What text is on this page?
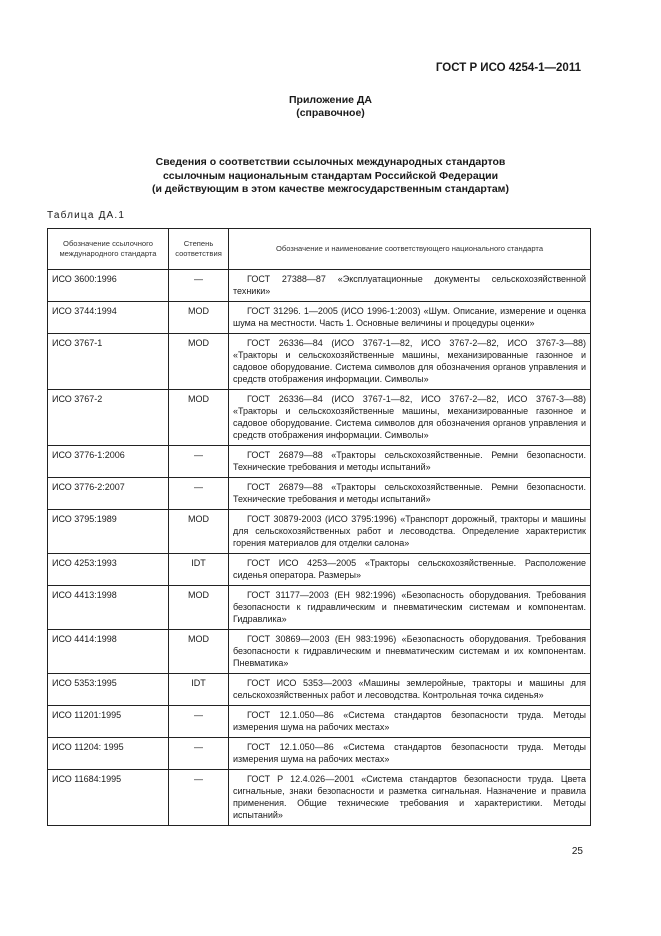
ГОСТ Р ИСО 4254-1—2011
Приложение ДА
(справочное)
Сведения о соответствии ссылочных международных стандартов
ссылочным национальным стандартам Российской Федерации
(и действующим в этом качестве межгосударственным стандартам)
Таблица ДА.1
Обозначение ссылочного международного стандарта	Степень соответствия	Обозначение и наименование соответствующего национального стандарта
ИСО 3600:1996	—	ГОСТ 27388—87 «Эксплуатационные документы сельскохозяйственной техники»
ИСО 3744:1994	MOD	ГОСТ 31296. 1—2005 (ИСО 1996-1:2003) «Шум. Описание, измерение и оценка шума на местности. Часть 1. Основные величины и процедуры оценки»
ИСО 3767-1	MOD	ГОСТ 26336—84 (ИСО 3767-1—82, ИСО 3767-2—82, ИСО 3767-3—88) «Тракторы и сельскохозяйственные машины, механизированные газонное и садовое оборудование. Система символов для обозначения органов управления и средств отображения информации. Символы»
ИСО 3767-2	MOD	ГОСТ 26336—84 (ИСО 3767-1—82, ИСО 3767-2—82, ИСО 3767-3—88) «Тракторы и сельскохозяйственные машины, механизированные газонное и садовое оборудование. Система символов для обозначения органов управления и средств отображения информации. Символы»
ИСО 3776-1:2006	—	ГОСТ 26879—88 «Тракторы сельскохозяйственные. Ремни безопасности. Технические требования и методы испытаний»
ИСО 3776-2:2007	—	ГОСТ 26879—88 «Тракторы сельскохозяйственные. Ремни безопасности. Технические требования и методы испытаний»
ИСО 3795:1989	MOD	ГОСТ 30879-2003 (ИСО 3795:1996) «Транспорт дорожный, тракторы и машины для сельскохозяйственных работ и лесоводства. Определение характеристик горения материалов для отделки салона»
ИСО 4253:1993	IDT	ГОСТ ИСО 4253—2005 «Тракторы сельскохозяйственные. Расположение сиденья оператора. Размеры»
ИСО 4413:1998	MOD	ГОСТ 31177—2003 (ЕН 982:1996) «Безопасность оборудования. Требования безопасности к гидравлическим и пневматическим системам и компонентам. Гидравлика»
ИСО 4414:1998	MOD	ГОСТ 30869—2003 (ЕН 983:1996) «Безопасность оборудования. Требования безопасности к гидравлическим и пневматическим системам и их компонентам. Пневматика»
ИСО 5353:1995	IDT	ГОСТ ИСО 5353—2003 «Машины землеройные, тракторы и машины для сельскохозяйственных работ и лесоводства. Контрольная точка сиденья»
ИСО 11201:1995	—	ГОСТ 12.1.050—86 «Система стандартов безопасности труда. Методы измерения шума на рабочих местах»
ИСО 11204: 1995	—	ГОСТ 12.1.050—86 «Система стандартов безопасности труда. Методы измерения шума на рабочих местах»
ИСО 11684:1995	—	ГОСТ Р 12.4.026—2001 «Система стандартов безопасности труда. Цвета сигнальные, знаки безопасности и разметка сигнальная. Назначение и правила применения. Общие технические требования и характеристики. Методы испытаний»
25
